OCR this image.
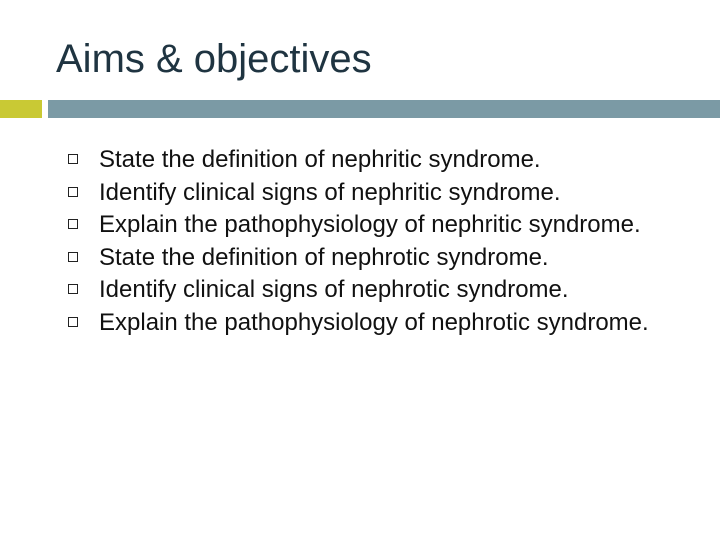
Aims & objectives
State the definition of nephritic syndrome.
Identify clinical signs of nephritic syndrome.
Explain the pathophysiology of nephritic syndrome.
State the definition of nephrotic syndrome.
Identify clinical signs of nephrotic syndrome.
Explain the pathophysiology of nephrotic syndrome.
